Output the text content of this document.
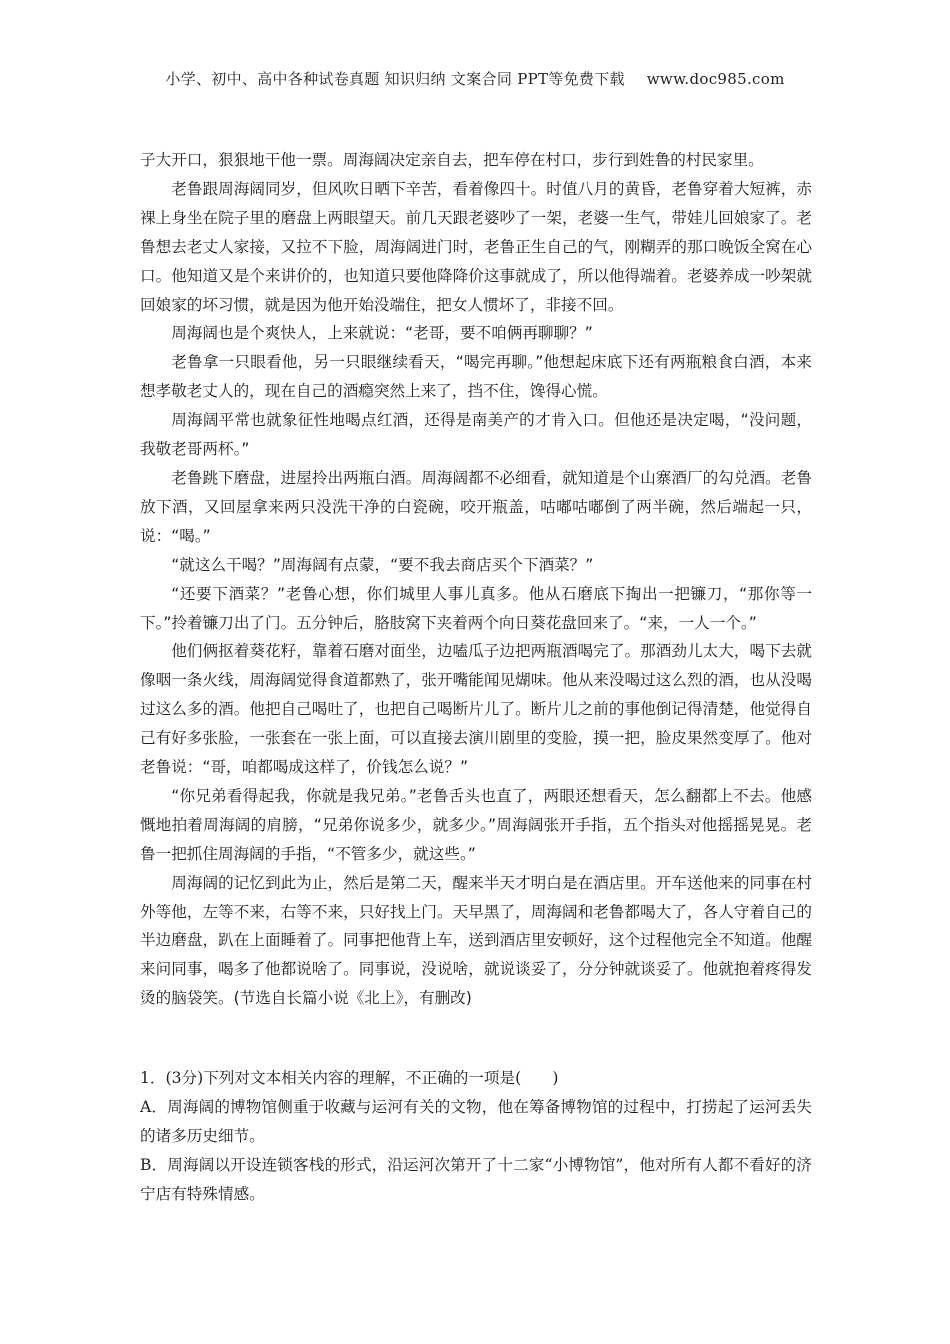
小学、初中、高中各种试卷真题 知识归纳 文案合同 PPT等免费下载 www.doc985.com

子大开口，狠狠地干他一票。周海阔决定亲自去，把车停在村口，步行到姓鲁的村民家里。

老鲁跟周海阔同岁，但风吹日晒下辛苦，看着像四十。时值八月的黄昏，老鲁穿着大短裤，赤裸上身坐在院子里的磨盘上两眼望天。前几天跟老婆吵了一架，老婆一生气，带娃儿回娘家了。老鲁想去老丈人家接，又拉不下脸，周海阔进门时，老鲁正生自己的气，刚糊弄的那口晚饭全窝在心口。他知道又是个来讲价的，也知道只要他降降价这事就成了，所以他得端着。老婆养成一吵架就回娘家的坏习惯，就是因为他开始没端住，把女人惯坏了，非接不回。

周海阔也是个爽快人，上来就说：“老哥，要不咱俩再聊聊？”

老鲁拿一只眼看他，另一只眼继续看天，“喝完再聊。”他想起床底下还有两瓶粮食白酒，本来想孝敬老丈人的，现在自己的酒瘾突然上来了，挡不住，馋得心慌。

周海阔平常也就象征性地喝点红酒，还得是南美产的才肯入口。但他还是决定喝，“没问题，我敬老哥两杯。”

老鲁跳下磨盘，进屋拎出两瓶白酒。周海阔都不必细看，就知道是个山寨酒厂的勾兑酒。老鲁放下酒，又回屋拿来两只没洗干净的白瓷碗，咬开瓶盖，咕嘟咕嘟倒了两半碗，然后端起一只，说：“喝。”

“就这么干喝？”周海阔有点蒙，“要不我去商店买个下酒菜？”

“还要下酒菜？”老鲁心想，你们城里人事儿真多。他从石磨底下掏出一把镰刀，“那你等一下。”拎着镰刀出了门。五分钟后，胳肢窝下夹着两个向日葵花盘回来了。“来，一人一个。”

他们俩抠着葵花籽，靠着石磨对面坐，边嗑瓜子边把两瓶酒喝完了。那酒劲儿太大，喝下去就像咽一条火线，周海阔觉得食道都熟了，张开嘴能闻见煳味。他从来没喝过这么烈的酒，也从没喝过这么多的酒。他把自己喝吐了，也把自己喝断片儿了。断片儿之前的事他倒记得清楚，他觉得自己有好多张脸，一张套在一张上面，可以直接去演川剧里的变脸，摸一把，脸皮果然变厚了。他对老鲁说：“哥，咱都喝成这样了，价钱怎么说？”

“你兄弟看得起我，你就是我兄弟。”老鲁舌头也直了，两眼还想看天，怎么翻都上不去。他感慨地拍着周海阔的肩膀，“兄弟你说多少，就多少。”周海阔张开手指，五个指头对他摇摇晃晃。老鲁一把抓住周海阔的手指，“不管多少，就这些。”

周海阔的记忆到此为止，然后是第二天，醒来半天才明白是在酒店里。开车送他来的同事在村外等他，左等不来，右等不来，只好找上门。天早黑了，周海阔和老鲁都喝大了，各人守着自己的半边磨盘，趴在上面睡着了。同事把他背上车，送到酒店里安顿好，这个过程他完全不知道。他醒来问同事，喝多了他都说啥了。同事说，没说啥，就说谈妥了，分分钟就谈妥了。他就抱着疼得发烫的脑袋笑。(节选自长篇小说《北上》，有删改)

1．(3分)下列对文本相关内容的理解，不正确的一项是(　　)

A．周海阔的博物馆侧重于收藏与运河有关的文物，他在筹备博物馆的过程中，打捞起了运河丢失的诸多历史细节。

B．周海阔以开设连锁客栈的形式，沿运河次第开了十二家“小博物馆”，他对所有人都不看好的济宁店有特殊情感。
